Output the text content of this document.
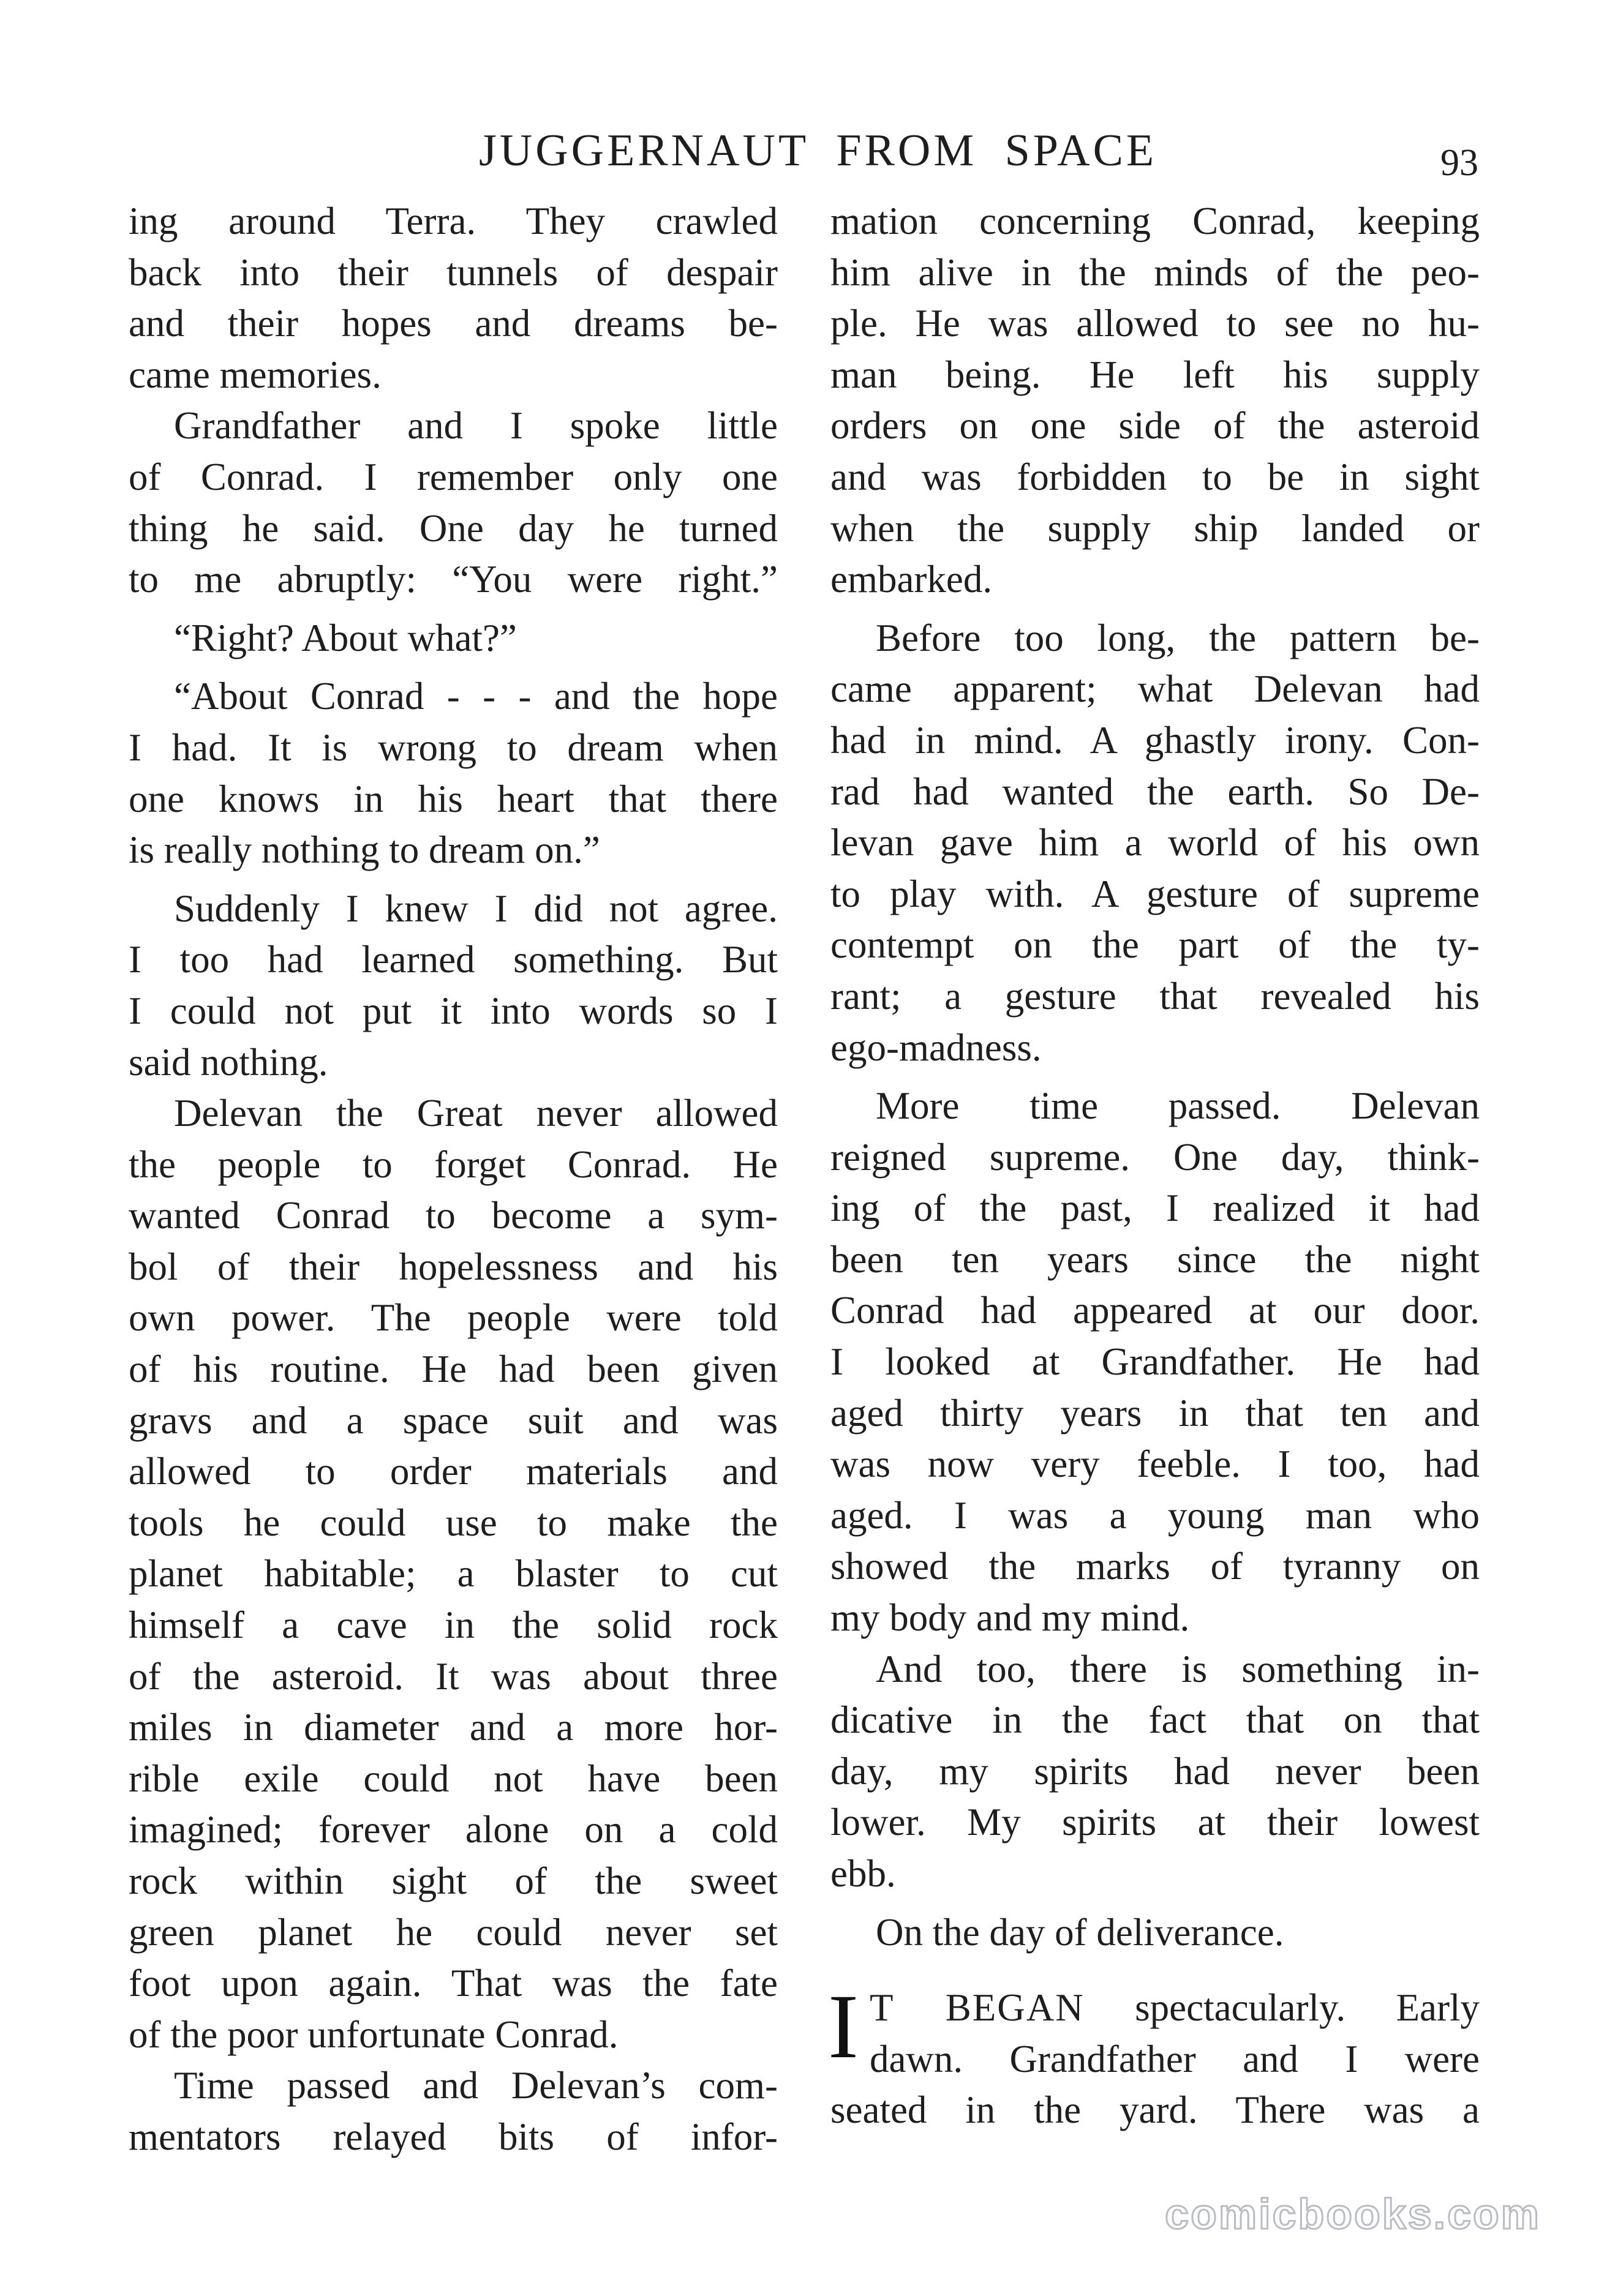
JUGGERNAUT FROM SPACE	93

ing around Terra. They crawled

back into their tunnels of despair

and their hopes and dreams be-

came memories.

Grandfather and I spoke little

of Conrad. I remember only one

thing he said. One day he turned

to me abruptly: “You were right.”

“Right? About what?”

“About Conrad - - - and the hope

I had. It is wrong to dream when

one knows in his heart that there

is really nothing to dream on.”

Suddenly I knew I did not agree.

I too had learned something. But

I could not put it into words so I

said nothing.

Delevan the Great never allowed

the people to forget Conrad. He

wanted Conrad to become a sym-

bol of their hopelessness and his

own power. The people were told

of his routine. He had been given

gravs and a space suit and was

allowed to order materials and

tools he could use to make the

planet habitable; a blaster to cut

himself a cave in the solid rock

of the asteroid. It was about three

miles in diameter and a more hor-

rible exile could not have been

imagined; forever alone on a cold

rock within sight of the sweet

green planet he could never set

foot upon again. That was the fate

of the poor unfortunate Conrad.

Time passed and Delevan’s com-

mentators relayed bits of infor-

mation concerning Conrad, keeping

him alive in the minds of the peo-

ple. He was allowed to see no hu-

man being. He left his supply

orders on one side of the asteroid

and was forbidden to be in sight

when the supply ship landed or

embarked.

Before too long, the pattern be-

came apparent; what Delevan had

had in mind. A ghastly irony. Con-

rad had wanted the earth. So De-

levan gave him a world of his own

to play with. A gesture of supreme

contempt on the part of the ty-

rant; a gesture that revealed his

ego-madness.

More time passed. Delevan

reigned supreme. One day, think-

ing of the past, I realized it had

been ten years since the night

Conrad had appeared at our door.

I looked at Grandfather. He had

aged thirty years in that ten and

was now very feeble. I too, had

aged. I was a young man who

showed the marks of tyranny on

my body and my mind.

And too, there is something in-

dicative in the fact that on that

day, my spirits had never been

lower. My spirits at their lowest

ebb.

On the day of deliverance.

I T BEGAN spectacularly. Early

dawn. Grandfather and I were

seated in the yard. There was a

comicbooks.com
